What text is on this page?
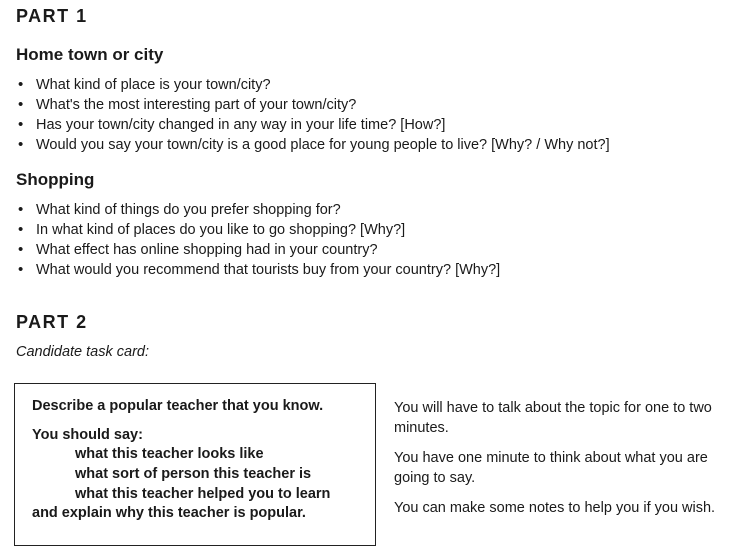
PART 1
Home town or city
• What kind of place is your town/city?
• What's the most interesting part of your town/city?
• Has your town/city changed in any way in your life time? [How?]
• Would you say your town/city is a good place for young people to live? [Why? / Why not?]
Shopping
• What kind of things do you prefer shopping for?
• In what kind of places do you like to go shopping? [Why?]
• What effect has online shopping had in your country?
• What would you recommend that tourists buy from your country? [Why?]
PART 2

Candidate task card:

Describe a popular teacher that you know.
You should say:
what this teacher looks like
what sort of person this teacher is
what this teacher helped you to learn
and explain why this teacher is popular.

You will have to talk about the topic for one to two minutes.

You have one minute to think about what you are going to say.

You can make some notes to help you if you wish.
